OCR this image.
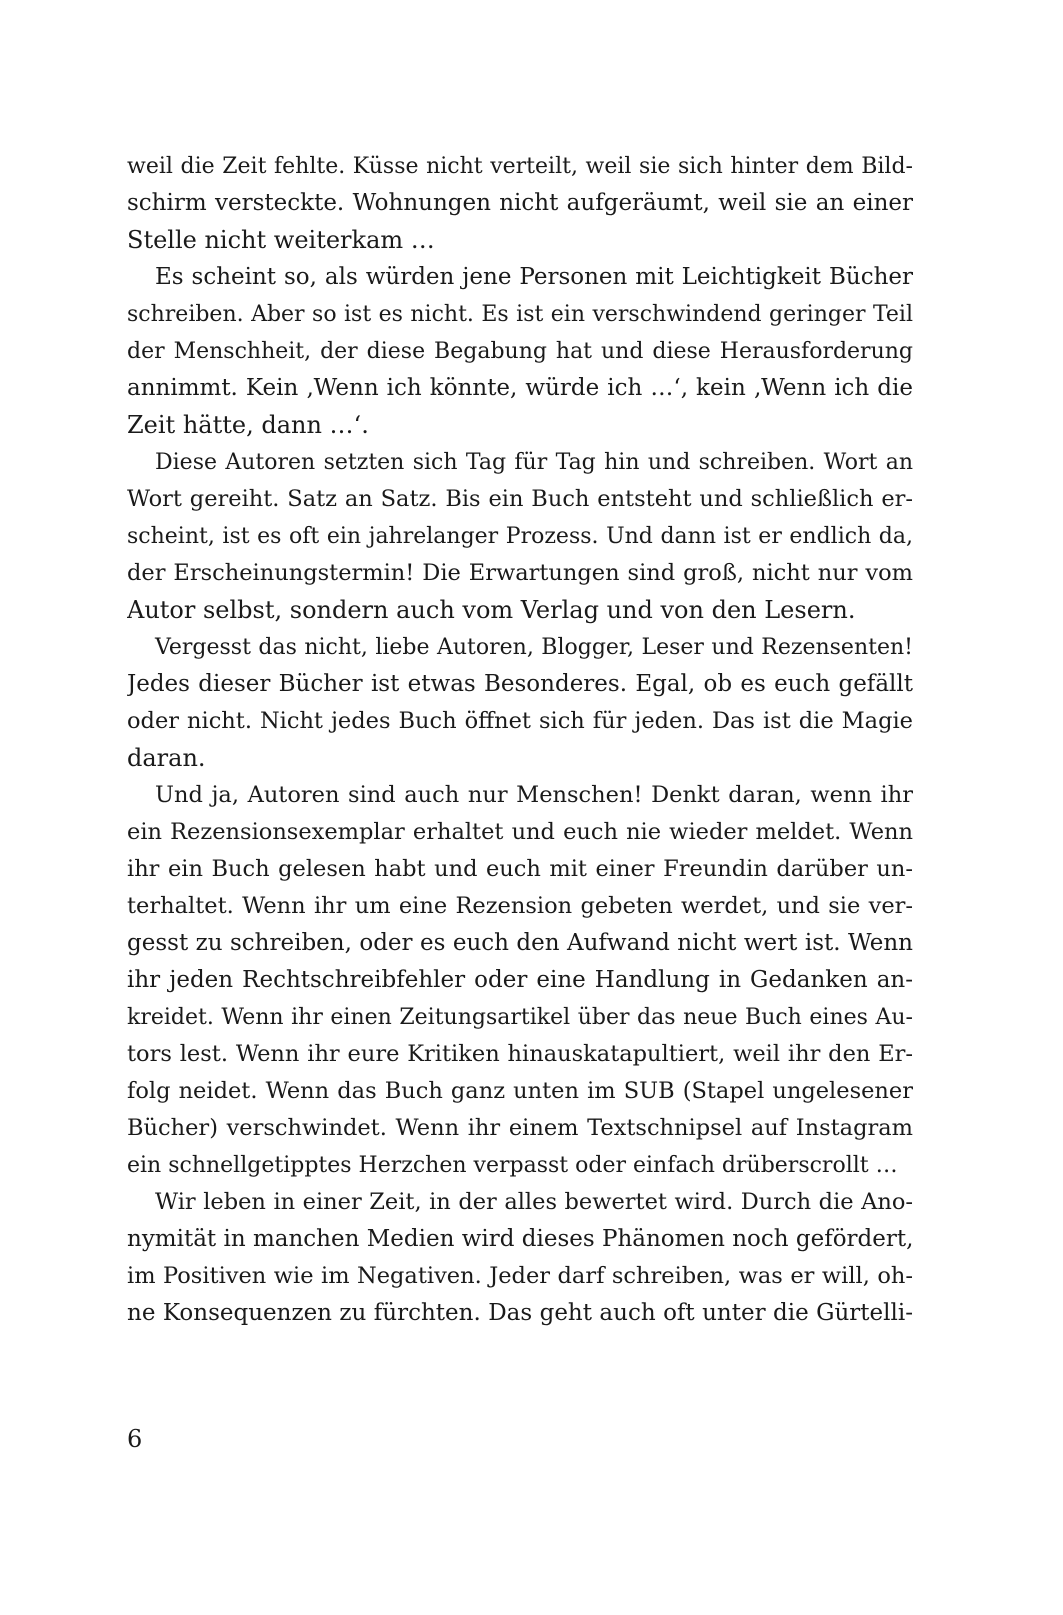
weil die Zeit fehlte. Küsse nicht verteilt, weil sie sich hinter dem Bild-
schirm versteckte. Wohnungen nicht aufgeräumt, weil sie an einer
Stelle nicht weiterkam …
Es scheint so, als würden jene Personen mit Leichtigkeit Bücher
schreiben. Aber so ist es nicht. Es ist ein verschwindend geringer Teil
der Menschheit, der diese Begabung hat und diese Herausforderung
annimmt. Kein ‚Wenn ich könnte, würde ich …‘, kein ‚Wenn ich die
Zeit hätte, dann …‘.
Diese Autoren setzten sich Tag für Tag hin und schreiben. Wort an
Wort gereiht. Satz an Satz. Bis ein Buch entsteht und schließlich er-
scheint, ist es oft ein jahrelanger Prozess. Und dann ist er endlich da,
der Erscheinungstermin! Die Erwartungen sind groß, nicht nur vom
Autor selbst, sondern auch vom Verlag und von den Lesern.
Vergesst das nicht, liebe Autoren, Blogger, Leser und Rezensenten!
Jedes dieser Bücher ist etwas Besonderes. Egal, ob es euch gefällt
oder nicht. Nicht jedes Buch öffnet sich für jeden. Das ist die Magie
daran.
Und ja, Autoren sind auch nur Menschen! Denkt daran, wenn ihr
ein Rezensionsexemplar erhaltet und euch nie wieder meldet. Wenn
ihr ein Buch gelesen habt und euch mit einer Freundin darüber un-
terhaltet. Wenn ihr um eine Rezension gebeten werdet, und sie ver-
gesst zu schreiben, oder es euch den Aufwand nicht wert ist. Wenn
ihr jeden Rechtschreibfehler oder eine Handlung in Gedanken an-
kreidet. Wenn ihr einen Zeitungsartikel über das neue Buch eines Au-
tors lest. Wenn ihr eure Kritiken hinauskatapultiert, weil ihr den Er-
folg neidet. Wenn das Buch ganz unten im SUB (Stapel ungelesener
Bücher) verschwindet. Wenn ihr einem Textschnipsel auf Instagram
ein schnellgetipptes Herzchen verpasst oder einfach drüberscrollt …
Wir leben in einer Zeit, in der alles bewertet wird. Durch die Ano-
nymität in manchen Medien wird dieses Phänomen noch gefördert,
im Positiven wie im Negativen. Jeder darf schreiben, was er will, oh-
ne Konsequenzen zu fürchten. Das geht auch oft unter die Gürtelli-
6
